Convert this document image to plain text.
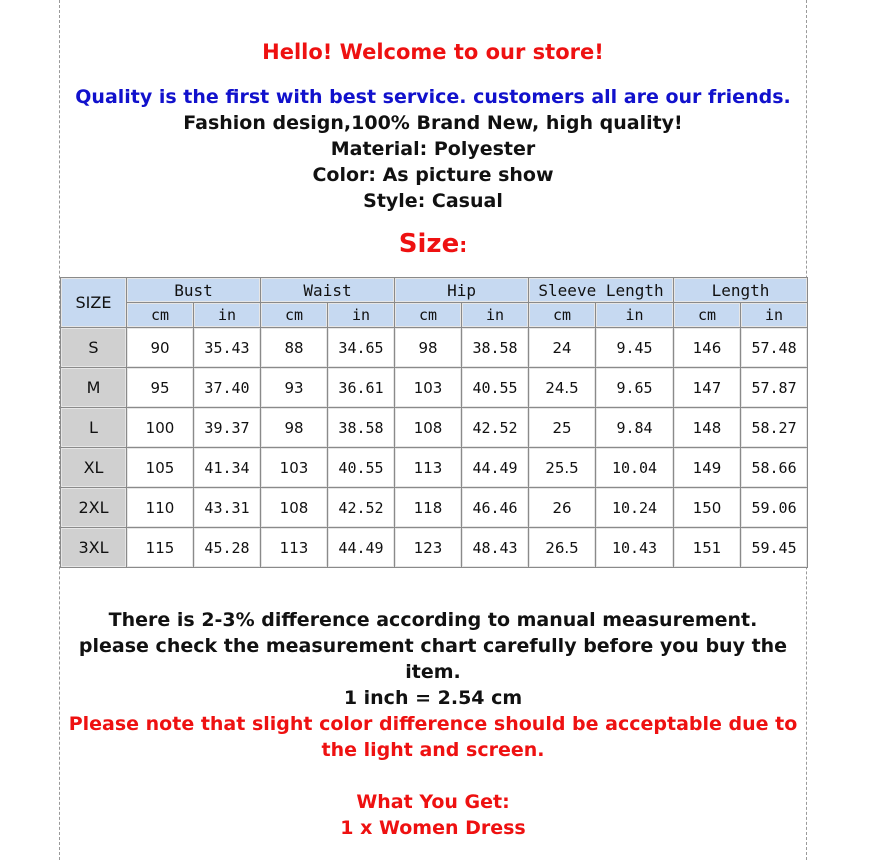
Hello! Welcome to our store!
Quality is the first with best service. customers all are our friends.
Fashion design,100% Brand New, high quality!
Material: Polyester
Color: As picture show
Style: Casual
Size:
SIZE	Bust		Waist		Hip		Sleeve Length		Length	
	cm	in	cm	in	cm	in	cm	in	cm	in
S	90	35.43	88	34.65	98	38.58	24	9.45	146	57.48
M	95	37.40	93	36.61	103	40.55	24.5	9.65	147	57.87
L	100	39.37	98	38.58	108	42.52	25	9.84	148	58.27
XL	105	41.34	103	40.55	113	44.49	25.5	10.04	149	58.66
2XL	110	43.31	108	42.52	118	46.46	26	10.24	150	59.06
3XL	115	45.28	113	44.49	123	48.43	26.5	10.43	151	59.45
There is 2-3% difference according to manual measurement.
please check the measurement chart carefully before you buy the
item.
1 inch = 2.54 cm
Please note that slight color difference should be acceptable due to
the light and screen.
What You Get:
1 x Women Dress
